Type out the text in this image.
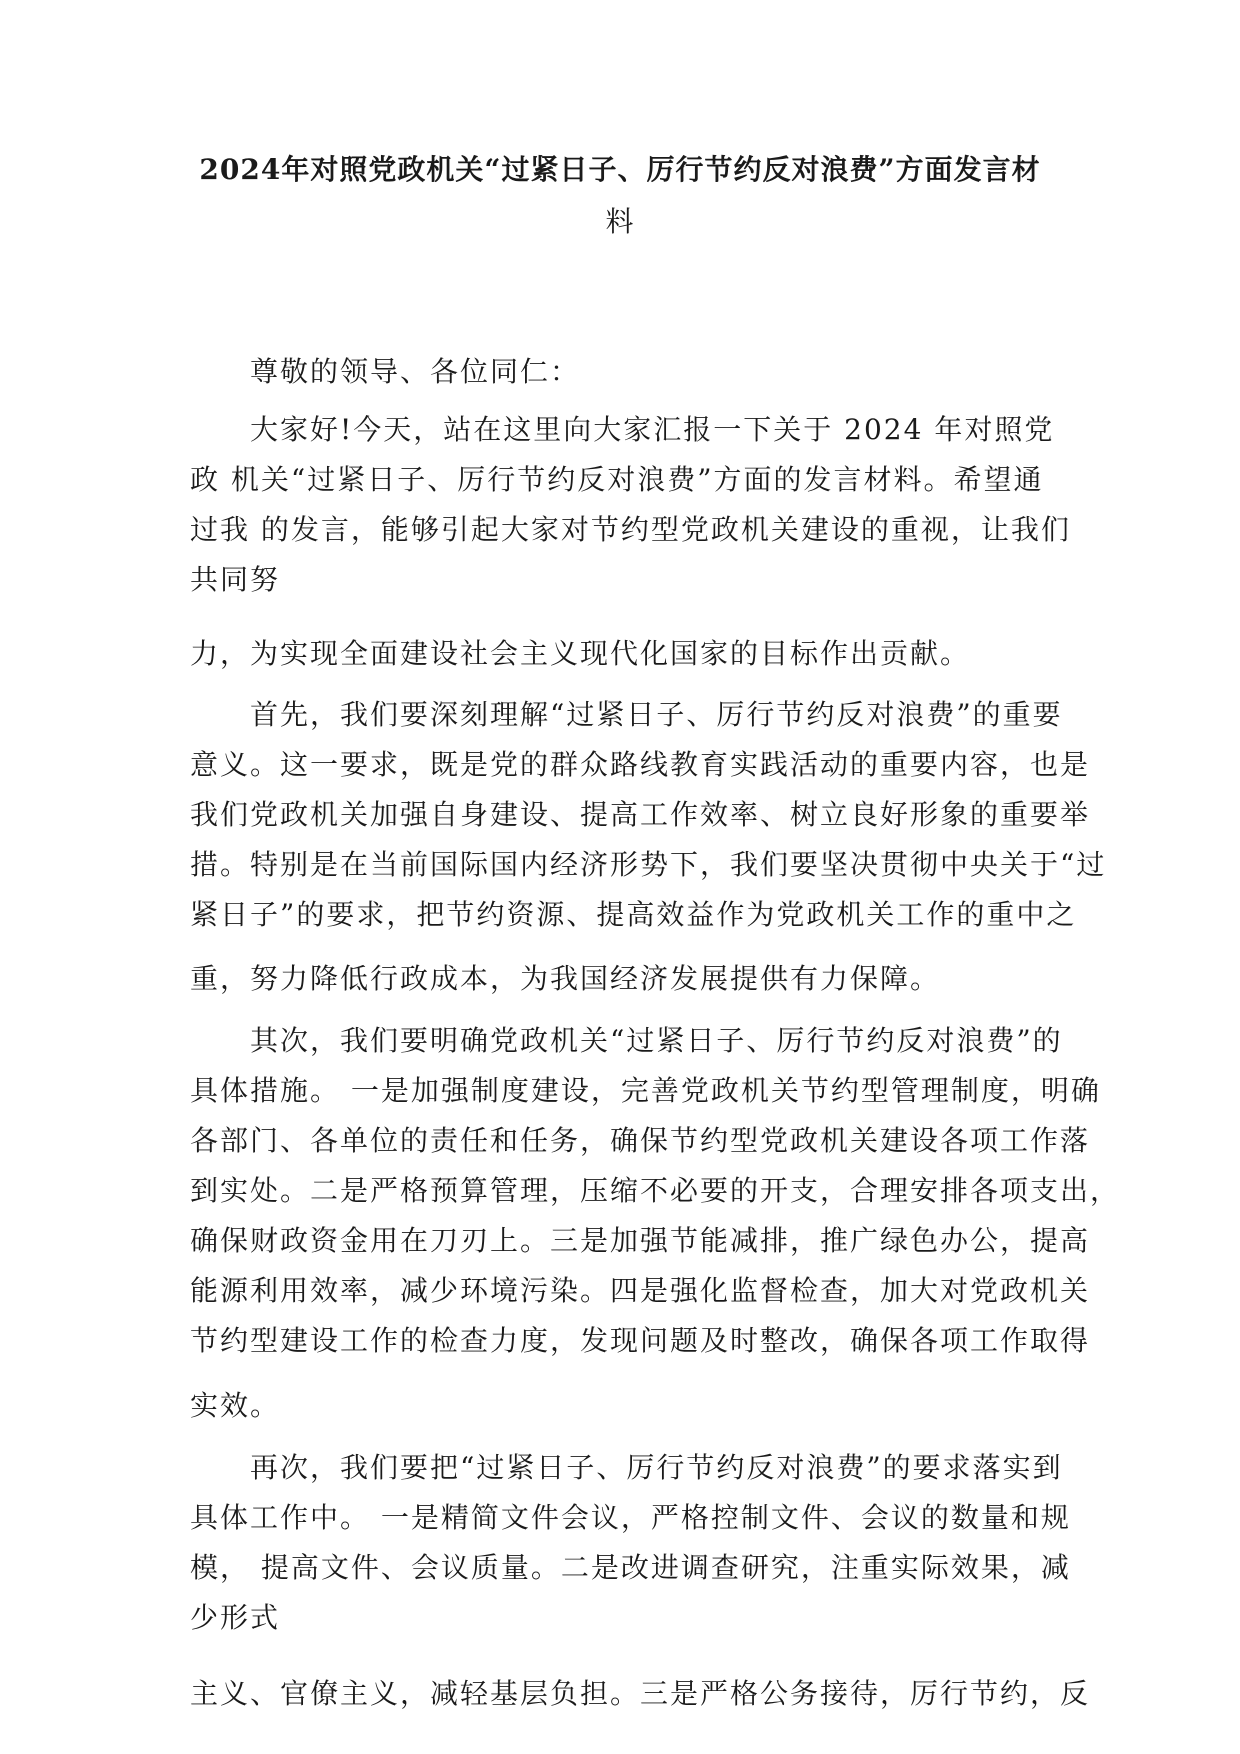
2024年对照党政机关“过紧日子、厉行节约反对浪费”方面发言材
料
尊敬的领导、各位同仁：
大家好!今天，站在这里向大家汇报一下关于 2024 年对照党
政 机关“过紧日子、厉行节约反对浪费”方面的发言材料。希望通
过我 的发言，能够引起大家对节约型党政机关建设的重视，让我们
共同努
力，为实现全面建设社会主义现代化国家的目标作出贡献。
首先，我们要深刻理解“过紧日子、厉行节约反对浪费”的重要
意义。这一要求，既是党的群众路线教育实践活动的重要内容，也是
我们党政机关加强自身建设、提高工作效率、树立良好形象的重要举
措。特别是在当前国际国内经济形势下，我们要坚决贯彻中央关于“过
紧日子”的要求，把节约资源、提高效益作为党政机关工作的重中之
重，努力降低行政成本，为我国经济发展提供有力保障。
其次，我们要明确党政机关“过紧日子、厉行节约反对浪费”的
具体措施。 一是加强制度建设，完善党政机关节约型管理制度，明确
各部门、各单位的责任和任务，确保节约型党政机关建设各项工作落
到实处。二是严格预算管理，压缩不必要的开支，合理安排各项支出，
确保财政资金用在刀刃上。三是加强节能减排，推广绿色办公，提高
能源利用效率，减少环境污染。四是强化监督检查，加大对党政机关
节约型建设工作的检查力度，发现问题及时整改，确保各项工作取得
实效。
再次，我们要把“过紧日子、厉行节约反对浪费”的要求落实到
具体工作中。 一是精简文件会议，严格控制文件、会议的数量和规
模， 提高文件、会议质量。二是改进调查研究，注重实际效果，减
少形式
主义、官僚主义，减轻基层负担。三是严格公务接待，厉行节约，反
